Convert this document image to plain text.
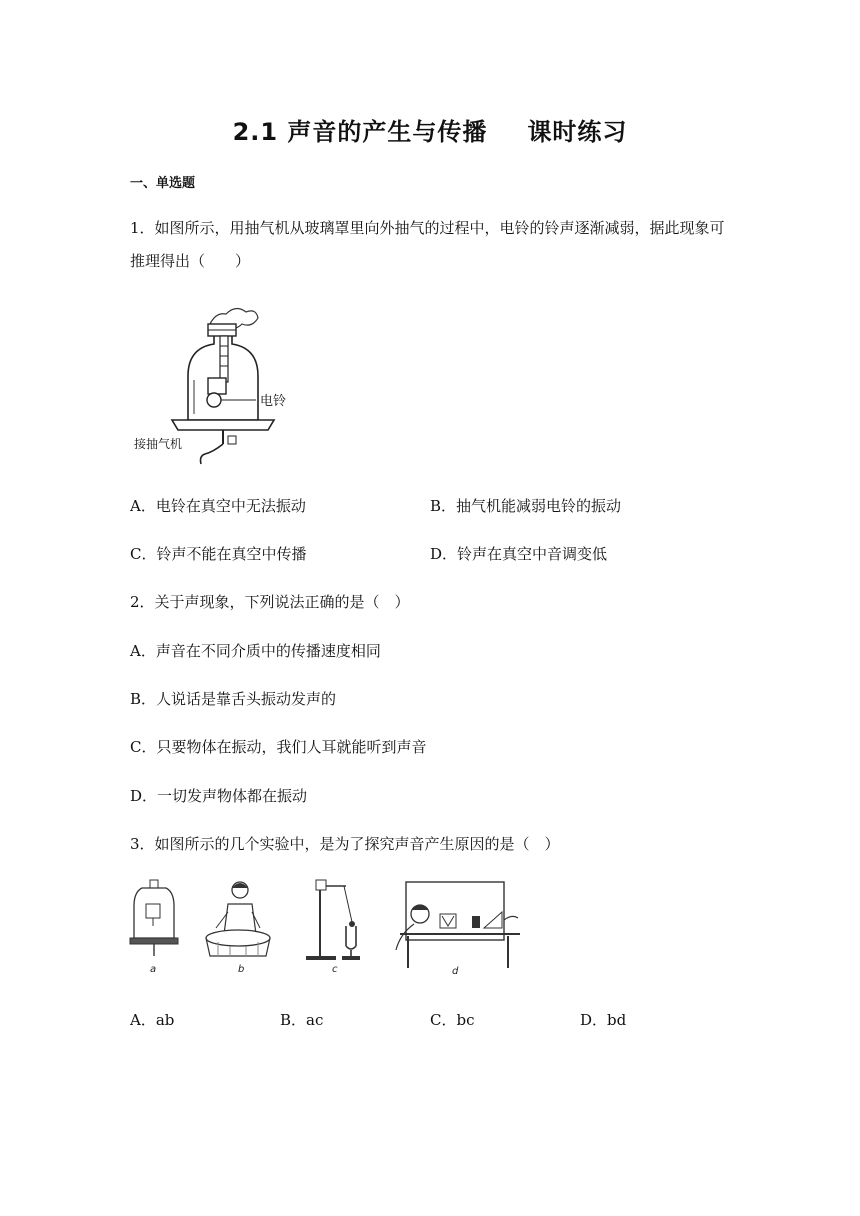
2.1 声音的产生与传播 课时练习
一、单选题
1．如图所示，用抽气机从玻璃罩里向外抽气的过程中，电铃的铃声逐渐减弱，据此现象可
推理得出（　　）
电铃
接抽气机
A．电铃在真空中无法振动	B．抽气机能减弱电铃的振动
C．铃声不能在真空中传播	D．铃声在真空中音调变低
2．关于声现象，下列说法正确的是（　）
A．声音在不同介质中的传播速度相同
B．人说话是靠舌头振动发声的
C．只要物体在振动，我们人耳就能听到声音
D．一切发声物体都在振动
3．如图所示的几个实验中，是为了探究声音产生原因的是（　）
a	b	c	d
A．ab	B．ac	C．bc	D．bd
